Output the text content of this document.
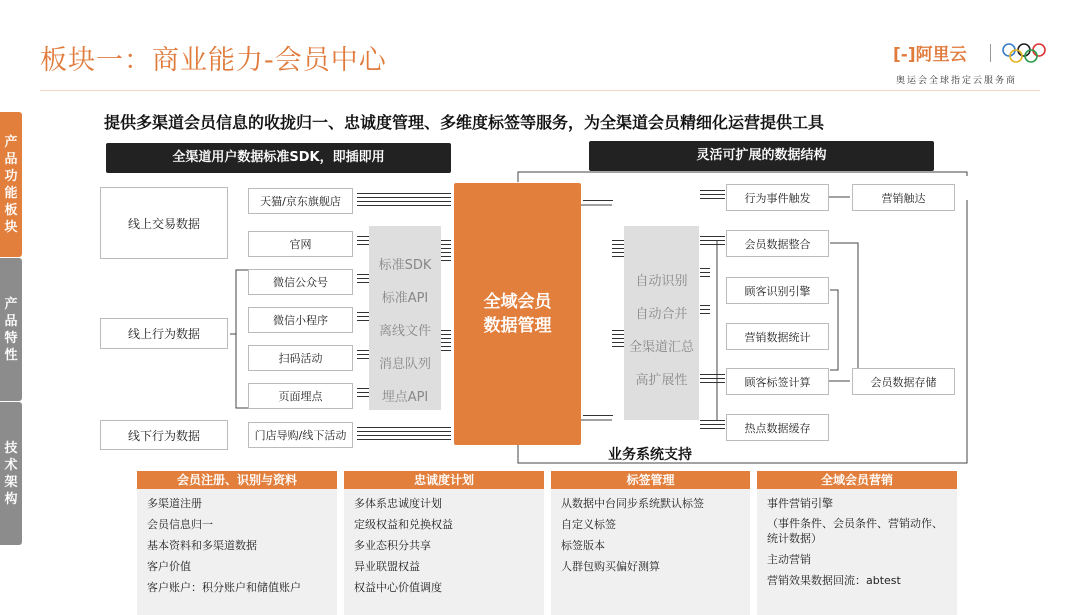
板块一：商业能力-会员中心	[-]阿里云
奥运会全球指定云服务商
产品功能板块
产品特性
技术架构
提供多渠道会员信息的收拢归一、忠诚度管理、多维度标签等服务，为全渠道会员精细化运营提供工具
全渠道用户数据标准SDK，即插即用	灵活可扩展的数据结构
线上交易数据
线上行为数据
线下行为数据
天猫/京东旗舰店
官网
微信公众号
微信小程序
扫码活动
页面埋点
门店导购/线下活动
标准SDK
标准API
离线文件
消息队列
埋点API
全域会员
数据管理
自动识别
自动合并
全渠道汇总
高扩展性
行为事件触发	营销触达
会员数据整合
顾客识别引擎
营销数据统计
顾客标签计算	会员数据存储
热点数据缓存
业务系统支持
会员注册、识别与资料
多渠道注册
会员信息归一
基本资料和多渠道数据
客户价值
客户账户：积分账户和储值账户
忠诚度计划
多体系忠诚度计划
定级权益和兑换权益
多业态积分共享
异业联盟权益
权益中心价值调度
标签管理
从数据中台同步系统默认标签
自定义标签
标签版本
人群包购买偏好测算
全域会员营销
事件营销引擎
（事件条件、会员条件、营销动作、统计数据）
主动营销
营销效果数据回流：abtest
